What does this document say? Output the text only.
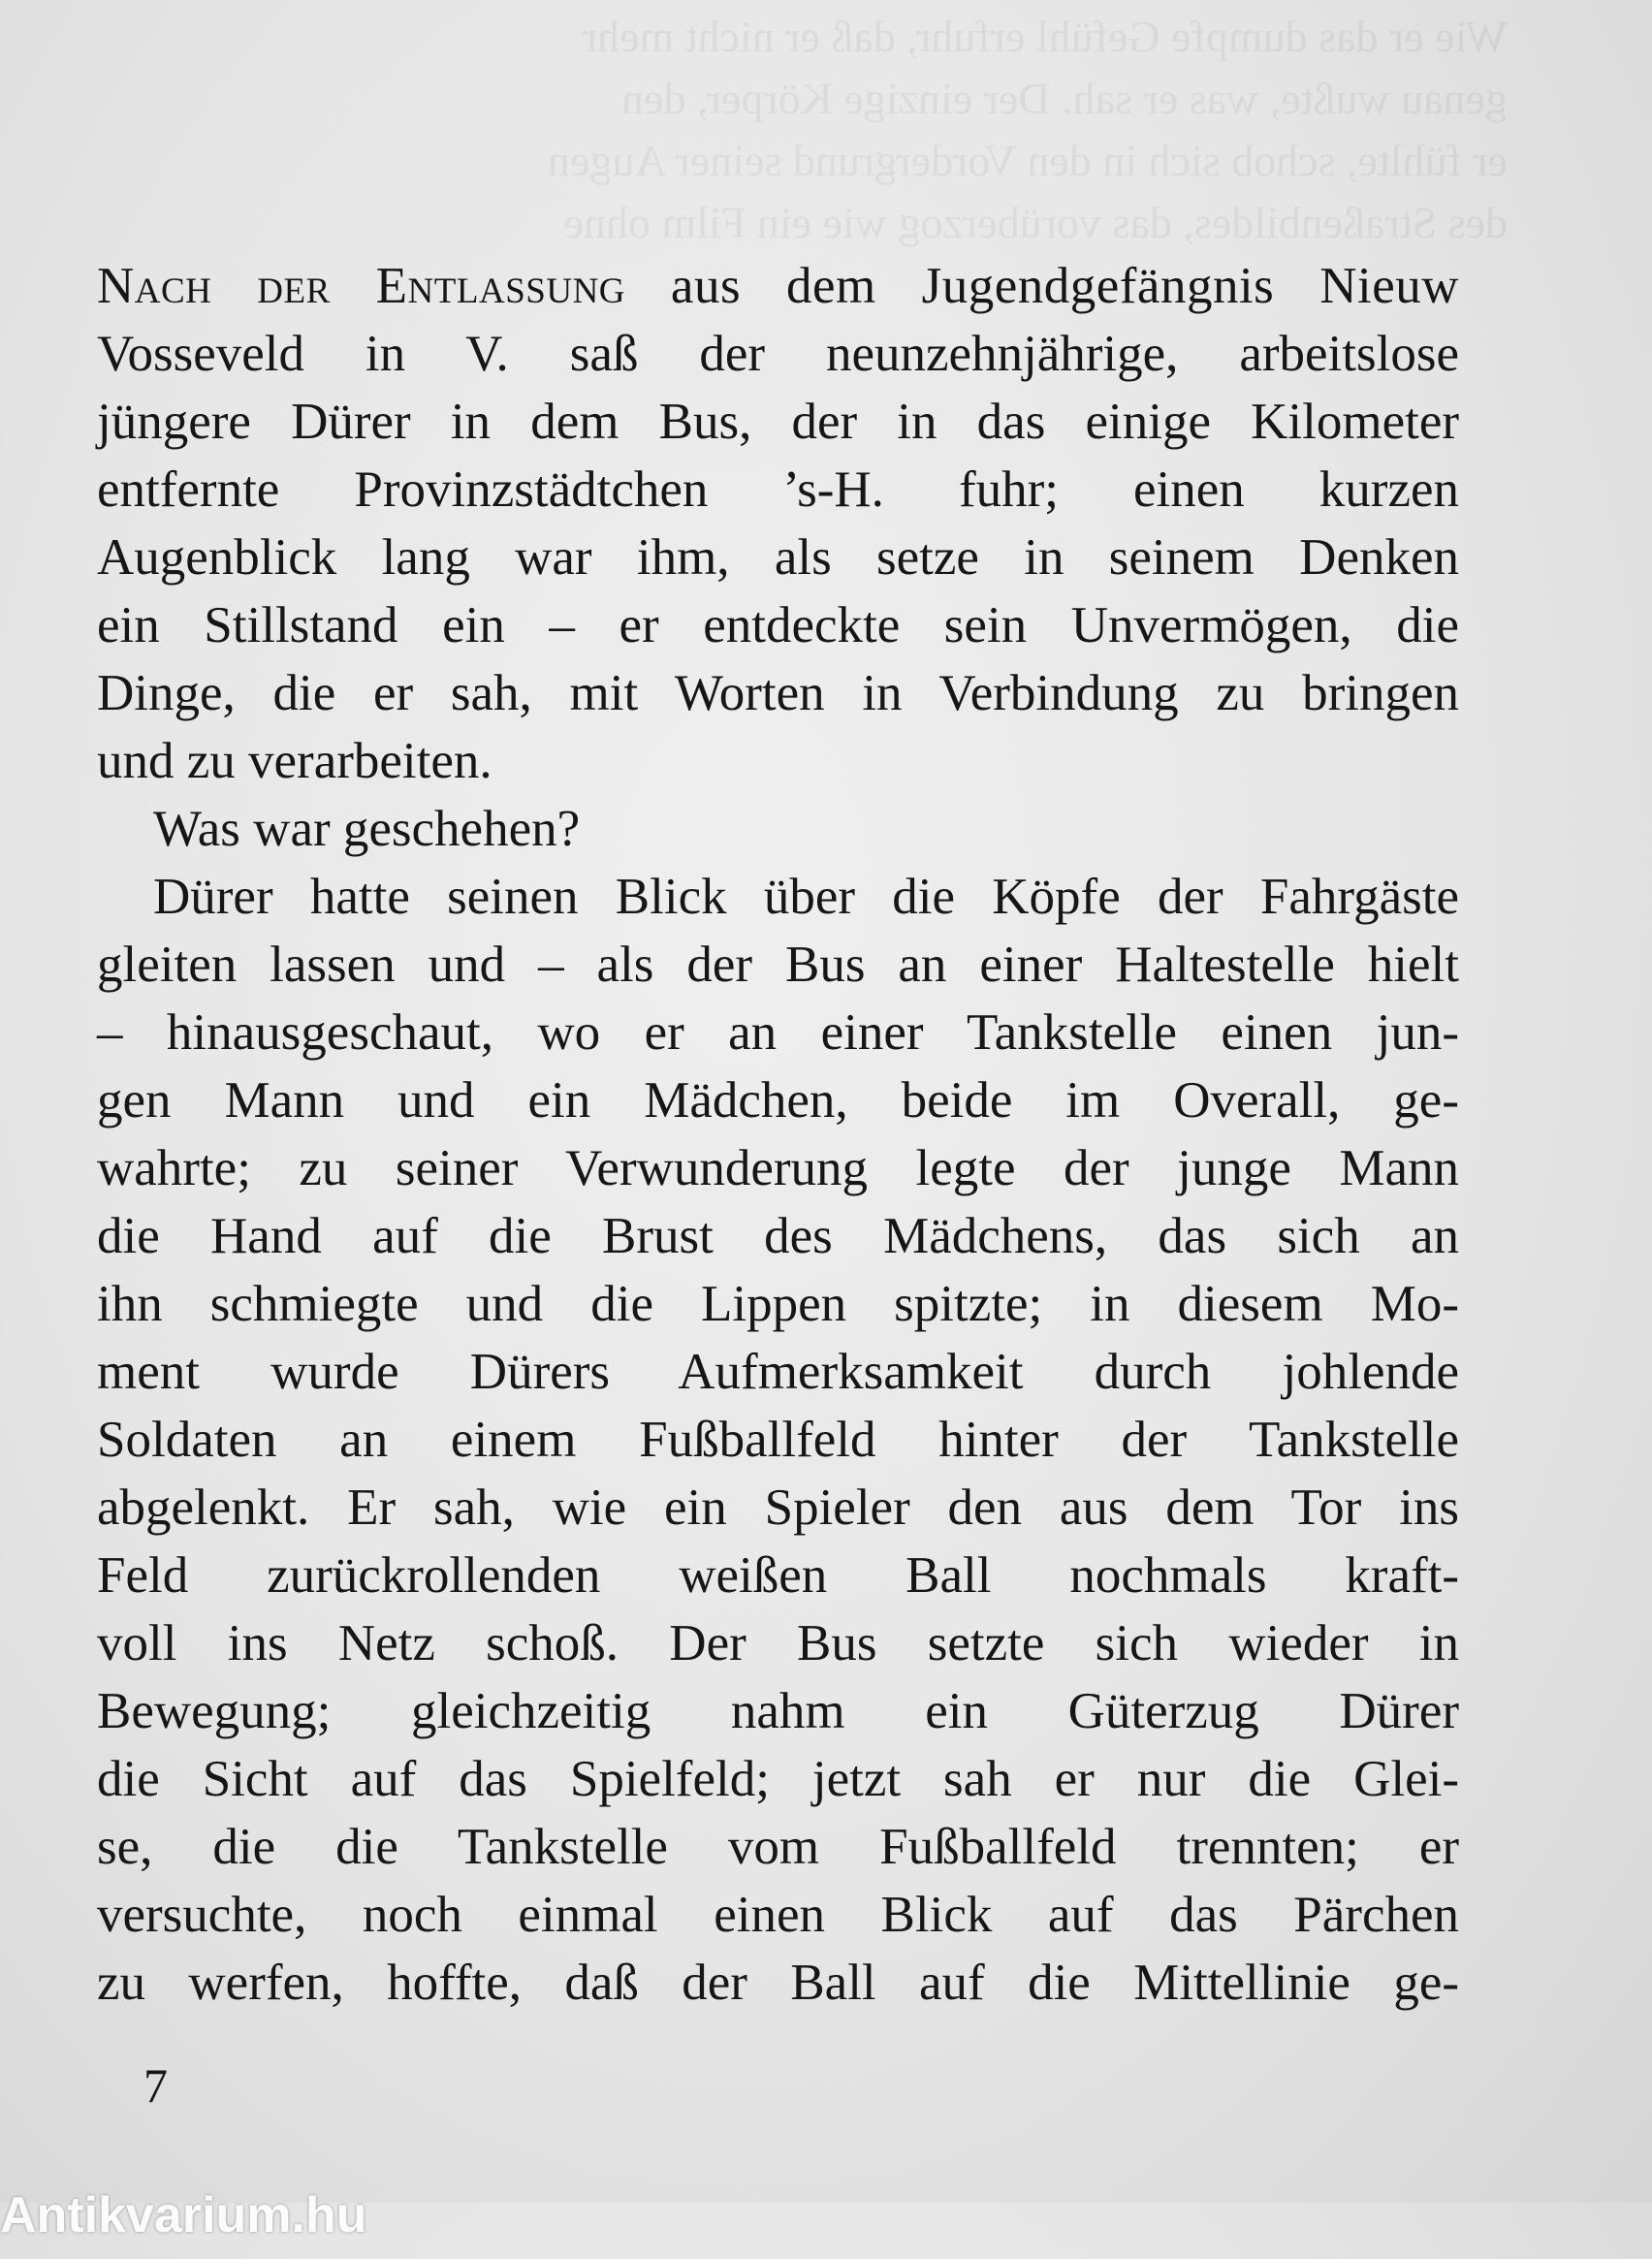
Wie er das dumpfe Gefühl erfuhr, daß er nicht mehr
genau wußte, was er sah. Der einzige Körper, den
er fühlte, schob sich in den Vordergrund seiner Augen
des Straßenbildes, das vorüberzog wie ein Film ohne
Nach der Entlassung aus dem Jugendgefängnis Nieuw
Vosseveld in V. saß der neunzehnjährige, arbeitslose
jüngere Dürer in dem Bus, der in das einige Kilometer
entfernte Provinzstädtchen ’s-H. fuhr; einen kurzen
Augenblick lang war ihm, als setze in seinem Denken
ein Stillstand ein – er entdeckte sein Unvermögen, die
Dinge, die er sah, mit Worten in Verbindung zu bringen
und zu verarbeiten.
Was war geschehen?
Dürer hatte seinen Blick über die Köpfe der Fahrgäste
gleiten lassen und – als der Bus an einer Haltestelle hielt
– hinausgeschaut, wo er an einer Tankstelle einen jun-
gen Mann und ein Mädchen, beide im Overall, ge-
wahrte; zu seiner Verwunderung legte der junge Mann
die Hand auf die Brust des Mädchens, das sich an
ihn schmiegte und die Lippen spitzte; in diesem Mo-
ment wurde Dürers Aufmerksamkeit durch johlende
Soldaten an einem Fußballfeld hinter der Tankstelle
abgelenkt. Er sah, wie ein Spieler den aus dem Tor ins
Feld zurückrollenden weißen Ball nochmals kraft-
voll ins Netz schoß. Der Bus setzte sich wieder in
Bewegung; gleichzeitig nahm ein Güterzug Dürer
die Sicht auf das Spielfeld; jetzt sah er nur die Glei-
se, die die Tankstelle vom Fußballfeld trennten; er
versuchte, noch einmal einen Blick auf das Pärchen
zu werfen, hoffte, daß der Ball auf die Mittellinie ge-
7
Antikvarium.hu
